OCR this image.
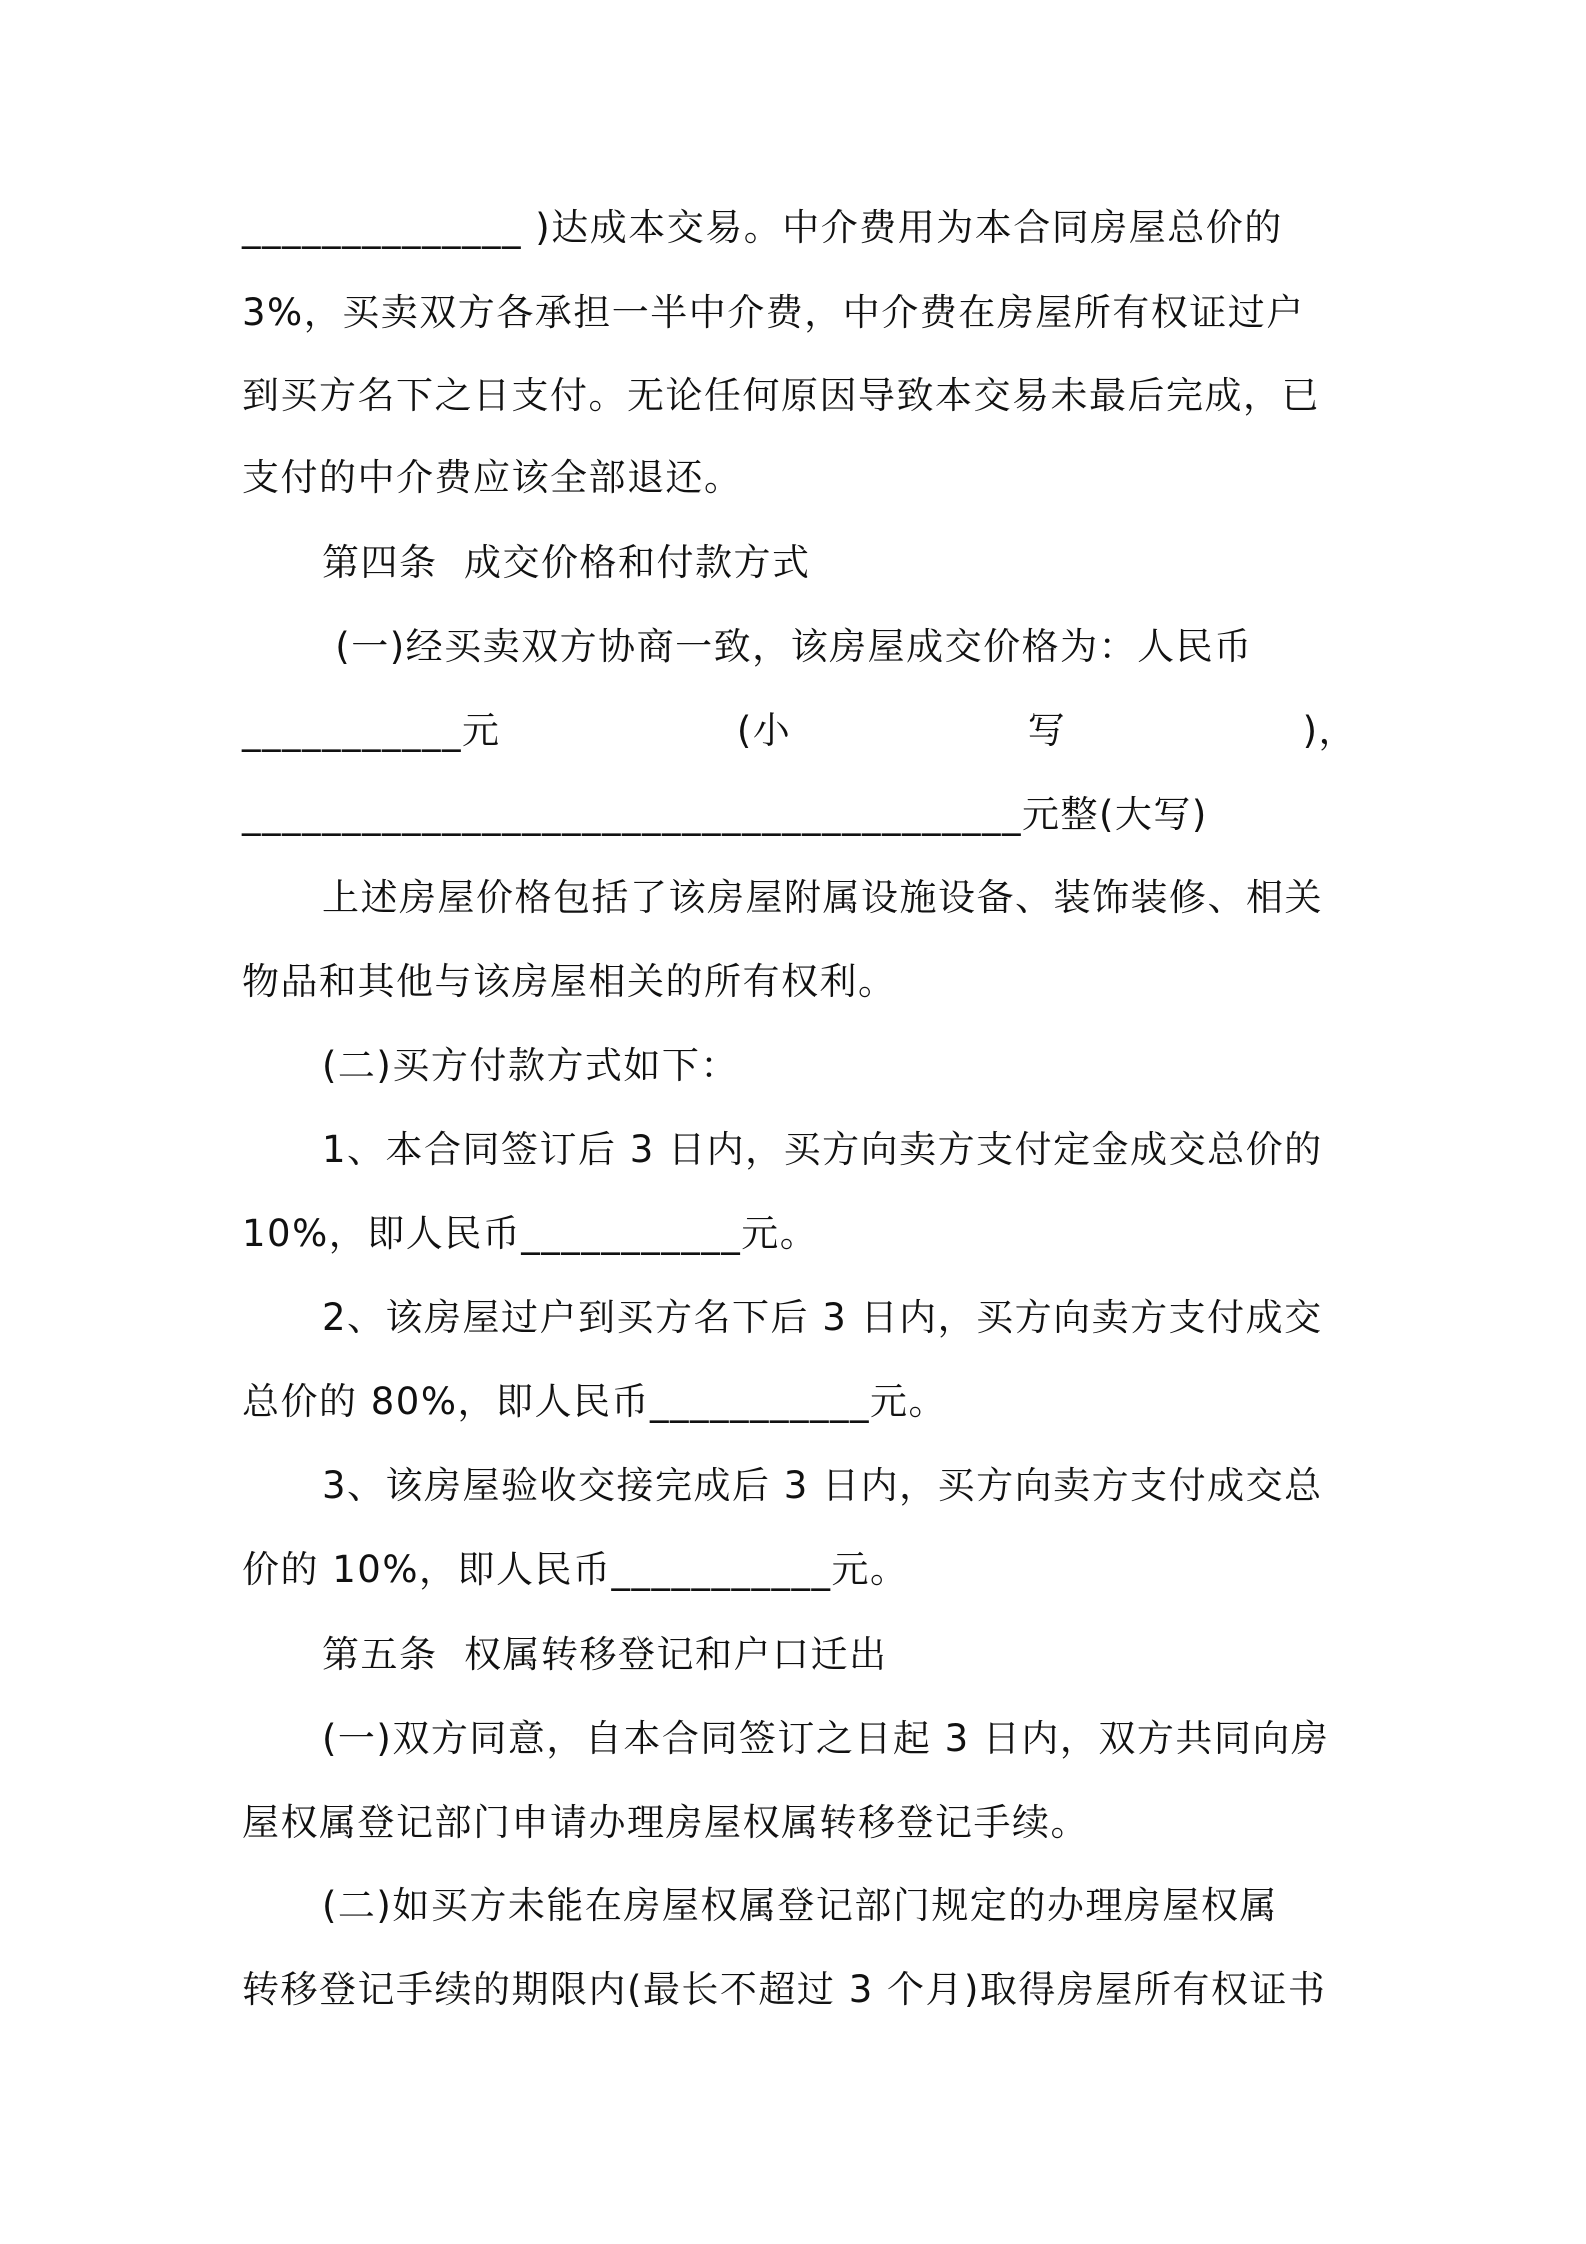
______________ )达成本交易。中介费用为本合同房屋总价的
3%，买卖双方各承担一半中介费，中介费在房屋所有权证过户
到买方名下之日支付。无论任何原因导致本交易未最后完成，已
支付的中介费应该全部退还。
第四条  成交价格和付款方式
(一)经买卖双方协商一致，该房屋成交价格为：人民币
___________元	(小	写	)，
_______________________________________元整(大写)
上述房屋价格包括了该房屋附属设施设备、装饰装修、相关
物品和其他与该房屋相关的所有权利。
(二)买方付款方式如下：
1、本合同签订后 3 日内，买方向卖方支付定金成交总价的
10%，即人民币___________元。
2、该房屋过户到买方名下后 3 日内，买方向卖方支付成交
总价的 80%，即人民币___________元。
3、该房屋验收交接完成后 3 日内，买方向卖方支付成交总
价的 10%，即人民币___________元。
第五条  权属转移登记和户口迁出
(一)双方同意，自本合同签订之日起 3 日内，双方共同向房
屋权属登记部门申请办理房屋权属转移登记手续。
(二)如买方未能在房屋权属登记部门规定的办理房屋权属
转移登记手续的期限内(最长不超过 3 个月)取得房屋所有权证书
